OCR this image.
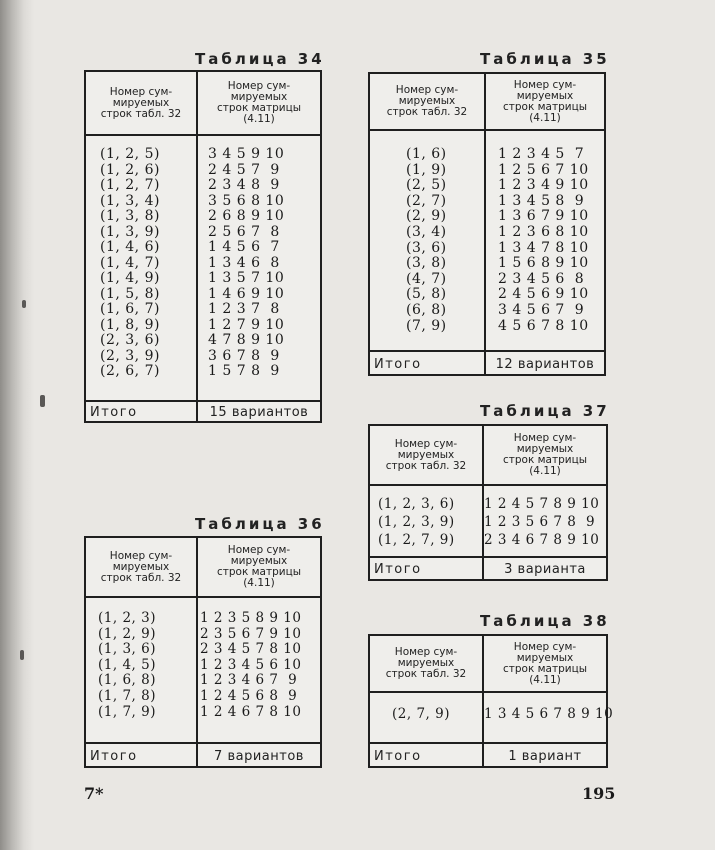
Таблица 34
Номер сум-
мируемых
строк табл. 32
Номер сум-
мируемых
строк матрицы
(4.11)
(1, 2, 5)	3 4 5 9 10
(1, 2, 6)	2 4 5 7  9
(1, 2, 7)	2 3 4 8  9
(1, 3, 4)	3 5 6 8 10
(1, 3, 8)	2 6 8 9 10
(1, 3, 9)	2 5 6 7  8
(1, 4, 6)	1 4 5 6  7
(1, 4, 7)	1 3 4 6  8
(1, 4, 9)	1 3 5 7 10
(1, 5, 8)	1 4 6 9 10
(1, 6, 7)	1 2 3 7  8
(1, 8, 9)	1 2 7 9 10
(2, 3, 6)	4 7 8 9 10
(2, 3, 9)	3 6 7 8  9
(2, 6, 7)	1 5 7 8  9
Итого	15 вариантов
Таблица 35
Номер сум-
мируемых
строк табл. 32
Номер сум-
мируемых
строк матрицы
(4.11)
(1, 6)	1 2 3 4 5  7
(1, 9)	1 2 5 6 7 10
(2, 5)	1 2 3 4 9 10
(2, 7)	1 3 4 5 8  9
(2, 9)	1 3 6 7 9 10
(3, 4)	1 2 3 6 8 10
(3, 6)	1 3 4 7 8 10
(3, 8)	1 5 6 8 9 10
(4, 7)	2 3 4 5 6  8
(5, 8)	2 4 5 6 9 10
(6, 8)	3 4 5 6 7  9
(7, 9)	4 5 6 7 8 10
Итого	12 вариантов
Таблица 37
Номер сум-
мируемых
строк табл. 32
Номер сум-
мируемых
строк матрицы
(4.11)
(1, 2, 3, 6) 1 2 4 5 7 8 9 10
(1, 2, 3, 9) 1 2 3 5 6 7 8  9
(1, 2, 7, 9) 2 3 4 6 7 8 9 10
Итого	3 варианта
Таблица 36
Номер сум-
мируемых
строк табл. 32
Номер сум-
мируемых
строк матрицы
(4.11)
(1, 2, 3)	1 2 3 5 8 9 10
(1, 2, 9)	2 3 5 6 7 9 10
(1, 3, 6)	2 3 4 5 7 8 10
(1, 4, 5)	1 2 3 4 5 6 10
(1, 6, 8)	1 2 3 4 6 7  9
(1, 7, 8)	1 2 4 5 6 8  9
(1, 7, 9)	1 2 4 6 7 8 10
Итого	7 вариантов
Таблица 38
Номер сум-
мируемых
строк табл. 32
Номер сум-
мируемых
строк матрицы
(4.11)
(2, 7, 9)	1 3 4 5 6 7 8 9 10
Итого	1 вариант
7*	195
